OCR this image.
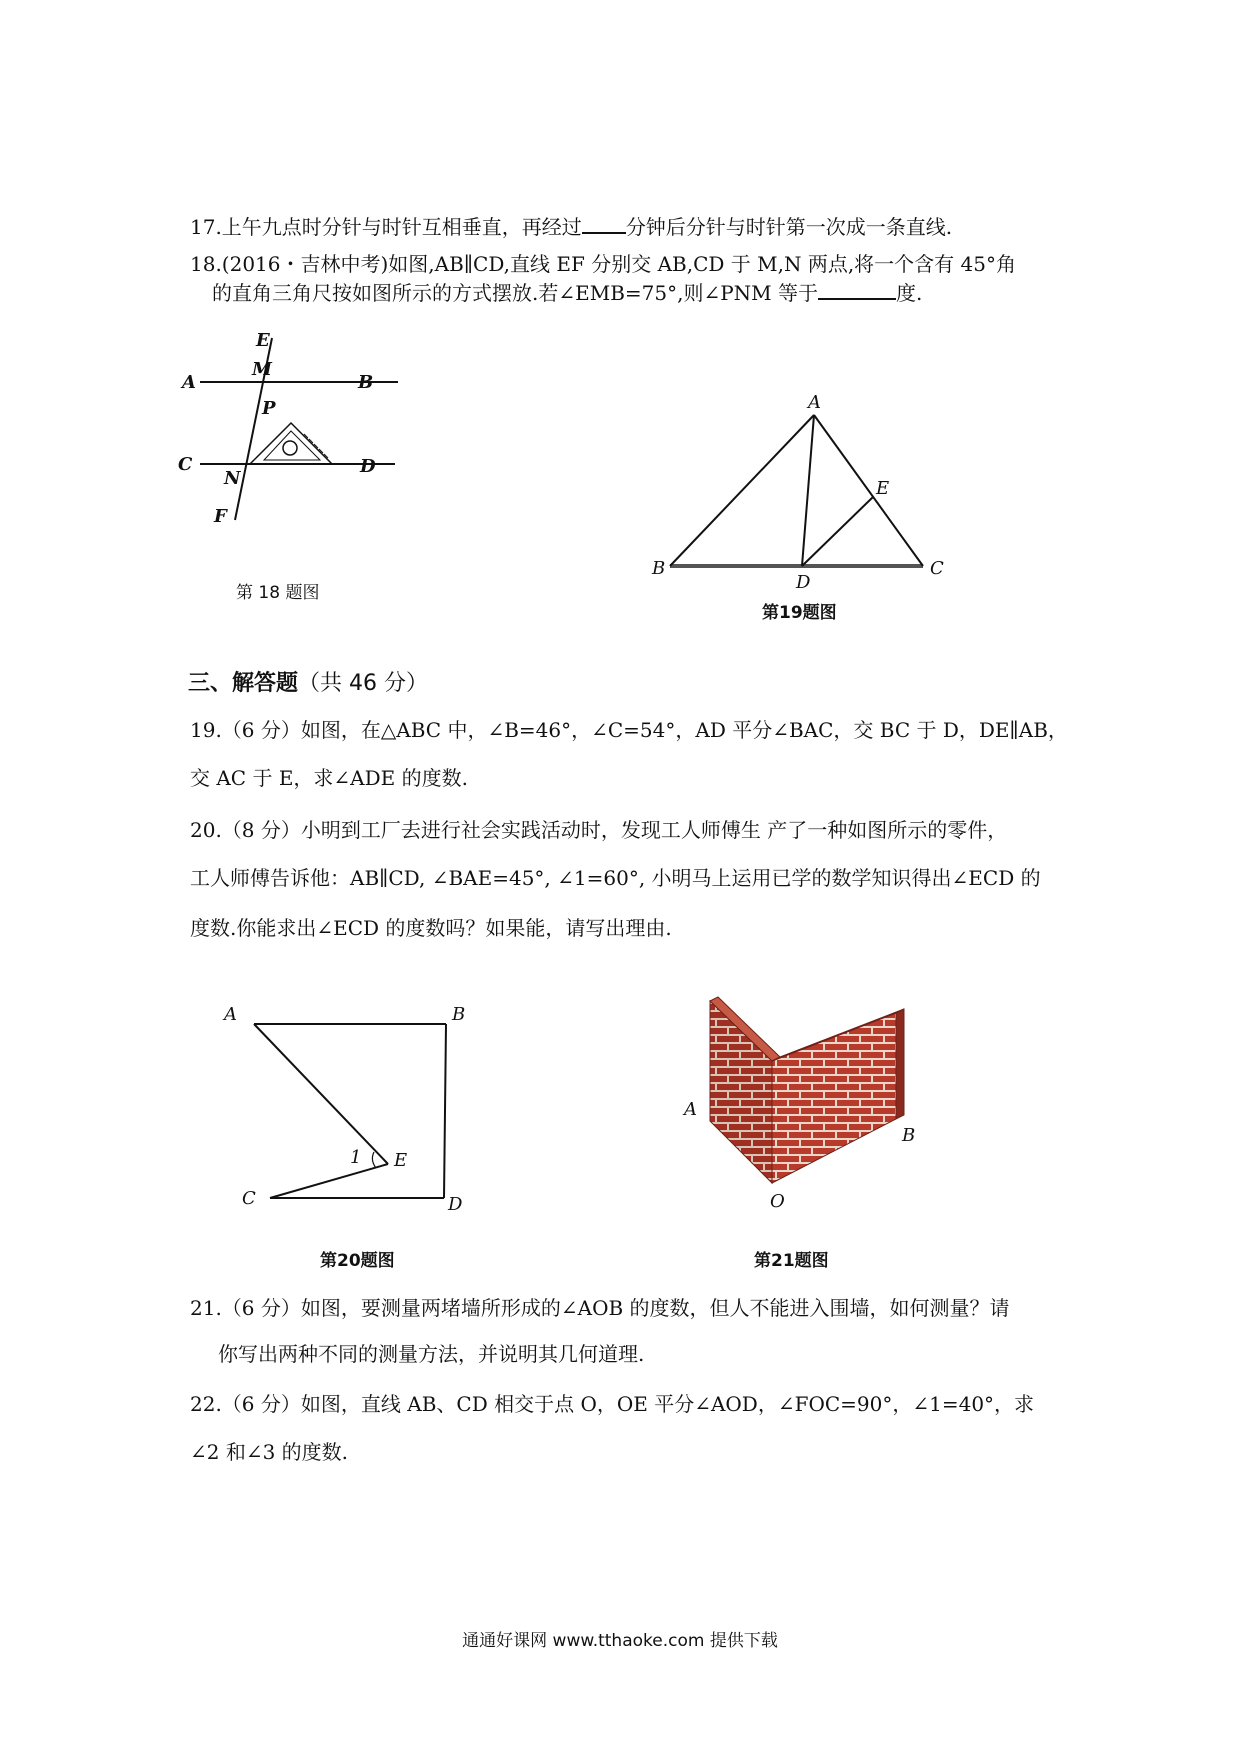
17.上午九点时分针与时针互相垂直，再经过 分钟后分针与时针第一次成一条直线.
18.(2016・吉林中考)如图,AB∥CD,直线 EF 分别交 AB,CD 于 M,N 两点,将一个含有 45°角
的直角三角尺按如图所示的方式摆放.若∠EMB=75°,则∠PNM 等于	度.
E
M
A	B
P
C
N
D
F
第 18 题图
A
E
B
D
C
第19题图
三、解答题（共 46 分）
19.（6 分）如图，在△ABC 中，∠B=46°，∠C=54°，AD 平分∠BAC，交 BC 于 D，DE∥AB，
交 AC 于 E，求∠ADE 的度数.
20.（8 分）小明到工厂去进行社会实践活动时，发现工人师傅生 产了一种如图所示的零件，
工人师傅告诉他：AB∥CD, ∠BAE=45°, ∠1=60°, 小明马上运用已学的数学知识得出∠ECD 的
度数.你能求出∠ECD 的度数吗？如果能，请写出理由.
A	B
1 E
C	D
第20题图
A
B
O
第21题图
21.（6 分）如图，要测量两堵墙所形成的∠AOB 的度数，但人不能进入围墙，如何测量？请
你写出两种不同的测量方法，并说明其几何道理.
22.（6 分）如图，直线 AB、CD 相交于点 O，OE 平分∠AOD，∠FOC=90°，∠1=40°，求
∠2 和∠3 的度数.
通通好课网 www.tthaoke.com 提供下载
